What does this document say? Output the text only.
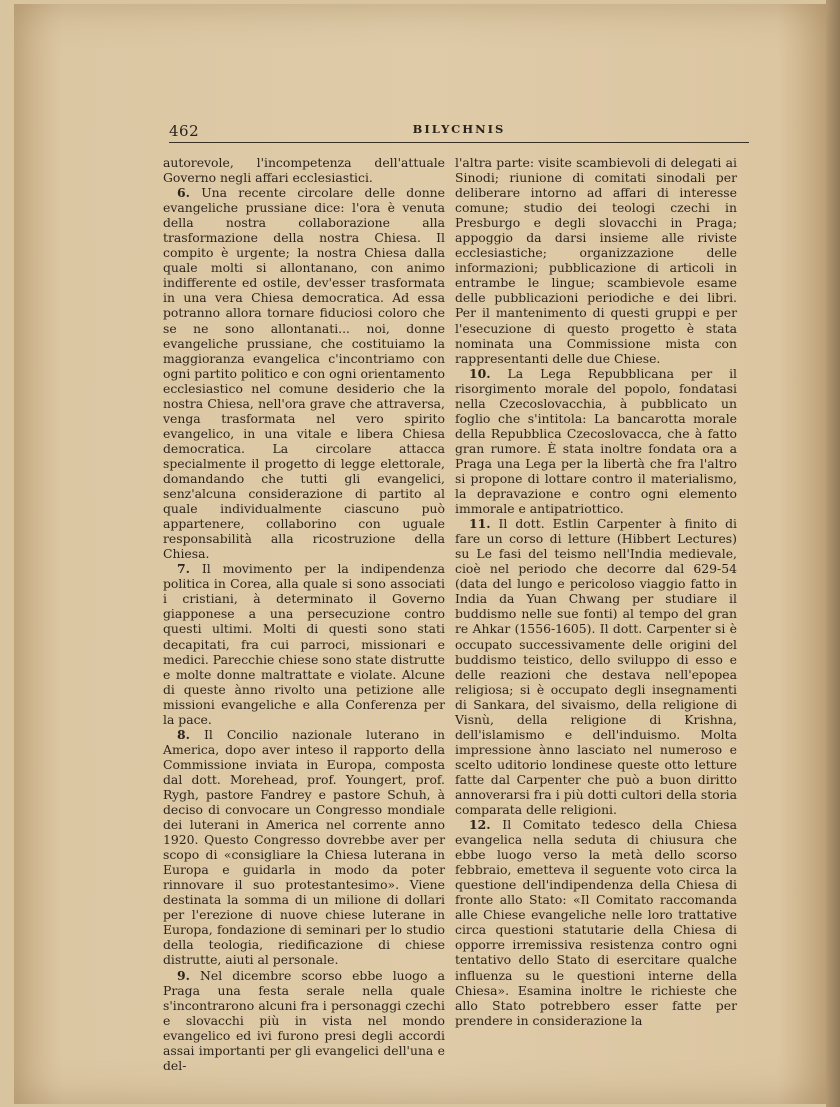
462	BILYCHNIS

autorevole, l'incompetenza dell'attuale Governo negli affari ecclesiastici.

6. Una recente circolare delle donne evangeliche prussiane dice: l'ora è venuta della nostra collaborazione alla trasformazione della nostra Chiesa. Il compito è urgente; la nostra Chiesa dalla quale molti si allontanano, con animo indifferente ed ostile, dev'esser trasformata in una vera Chiesa democratica. Ad essa potranno allora tornare fiduciosi coloro che se ne sono allontanati... noi, donne evangeliche prussiane, che costituiamo la maggioranza evangelica c'incontriamo con ogni partito politico e con ogni orientamento ecclesiastico nel comune desiderio che la nostra Chiesa, nell'ora grave che attraversa, venga trasformata nel vero spirito evangelico, in una vitale e libera Chiesa democratica. La circolare attacca specialmente il progetto di legge elettorale, domandando che tutti gli evangelici, senz'alcuna considerazione di partito al quale individualmente ciascuno può appartenere, collaborino con uguale responsabilità alla ricostruzione della Chiesa.

7. Il movimento per la indipendenza politica in Corea, alla quale si sono associati i cristiani, à determinato il Governo giapponese a una persecuzione contro questi ultimi. Molti di questi sono stati decapitati, fra cui parroci, missionari e medici. Parecchie chiese sono state distrutte e molte donne maltrattate e violate. Alcune di queste ànno rivolto una petizione alle missioni evangeliche e alla Conferenza per la pace.

8. Il Concilio nazionale luterano in America, dopo aver inteso il rapporto della Commissione inviata in Europa, composta dal dott. Morehead, prof. Youngert, prof. Rygh, pastore Fandrey e pastore Schuh, à deciso di convocare un Congresso mondiale dei luterani in America nel corrente anno 1920. Questo Congresso dovrebbe aver per scopo di «consigliare la Chiesa luterana in Europa e guidarla in modo da poter rinnovare il suo protestantesimo». Viene destinata la somma di un milione di dollari per l'erezione di nuove chiese luterane in Europa, fondazione di seminari per lo studio della teologia, riedificazione di chiese distrutte, aiuti al personale.

9. Nel dicembre scorso ebbe luogo a Praga una festa serale nella quale s'incontrarono alcuni fra i personaggi czechi e slovacchi più in vista nel mondo evangelico ed ivi furono presi degli accordi assai importanti per gli evangelici dell'una e del-

l'altra parte: visite scambievoli di delegati ai Sinodi; riunione di comitati sinodali per deliberare intorno ad affari di interesse comune; studio dei teologi czechi in Presburgo e degli slovacchi in Praga; appoggio da darsi insieme alle riviste ecclesiastiche; organizzazione delle informazioni; pubblicazione di articoli in entrambe le lingue; scambievole esame delle pubblicazioni periodiche e dei libri. Per il mantenimento di questi gruppi e per l'esecuzione di questo progetto è stata nominata una Commissione mista con rappresentanti delle due Chiese.

10. La Lega Repubblicana per il risorgimento morale del popolo, fondatasi nella Czecoslovacchia, à pubblicato un foglio che s'intitola: La bancarotta morale della Repubblica Czecoslovacca, che à fatto gran rumore. È stata inoltre fondata ora a Praga una Lega per la libertà che fra l'altro si propone di lottare contro il materialismo, la depravazione e contro ogni elemento immorale e antipatriottico.

11. Il dott. Estlin Carpenter à finito di fare un corso di letture (Hibbert Lectures) su Le fasi del teismo nell'India medievale, cioè nel periodo che decorre dal 629-54 (data del lungo e pericoloso viaggio fatto in India da Yuan Chwang per studiare il buddismo nelle sue fonti) al tempo del gran re Ahkar (1556-1605). Il dott. Carpenter si è occupato successivamente delle origini del buddismo teistico, dello sviluppo di esso e delle reazioni che destava nell'epopea religiosa; si è occupato degli insegnamenti di Sankara, del sivaismo, della religione di Visnù, della religione di Krishna, dell'islamismo e dell'induismo. Molta impressione ànno lasciato nel numeroso e scelto uditorio londinese queste otto letture fatte dal Carpenter che può a buon diritto annoverarsi fra i più dotti cultori della storia comparata delle religioni.

12. Il Comitato tedesco della Chiesa evangelica nella seduta di chiusura che ebbe luogo verso la metà dello scorso febbraio, emetteva il seguente voto circa la questione dell'indipendenza della Chiesa di fronte allo Stato: «Il Comitato raccomanda alle Chiese evangeliche nelle loro trattative circa questioni statutarie della Chiesa di opporre irremissiva resistenza contro ogni tentativo dello Stato di esercitare qualche influenza su le questioni interne della Chiesa». Esamina inoltre le richieste che allo Stato potrebbero esser fatte per prendere in considerazione la
